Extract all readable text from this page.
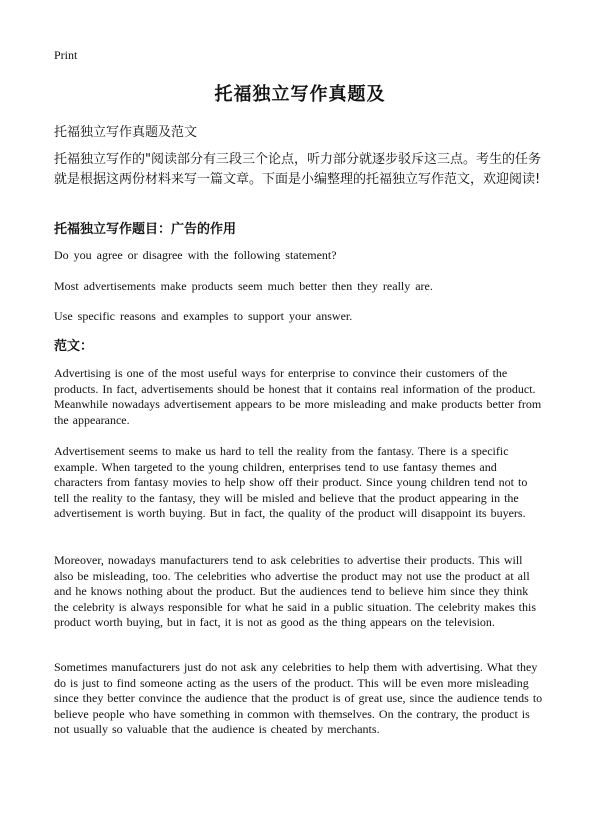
Print
托福独立写作真题及
托福独立写作真题及范文
托福独立写作的"阅读部分有三段三个论点，听力部分就逐步驳斥这三点。考生的任务就是根据这两份材料来写一篇文章。下面是小编整理的托福独立写作范文，欢迎阅读!
托福独立写作题目：广告的作用
Do you agree or disagree with the following statement?
Most advertisements make products seem much better then they really are.
Use specific reasons and examples to support your answer.
范文：
Advertising is one of the most useful ways for enterprise to convince their customers of the products. In fact, advertisements should be honest that it contains real information of the product. Meanwhile nowadays advertisement appears to be more misleading and make products better from the appearance.
Advertisement seems to make us hard to tell the reality from the fantasy. There is a specific example. When targeted to the young children, enterprises tend to use fantasy themes and characters from fantasy movies to help show off their product. Since young children tend not to tell the reality to the fantasy, they will be misled and believe that the product appearing in the advertisement is worth buying. But in fact, the quality of the product will disappoint its buyers.
Moreover, nowadays manufacturers tend to ask celebrities to advertise their products. This will also be misleading, too. The celebrities who advertise the product may not use the product at all and he knows nothing about the product. But the audiences tend to believe him since they think the celebrity is always responsible for what he said in a public situation. The celebrity makes this product worth buying, but in fact, it is not as good as the thing appears on the television.
Sometimes manufacturers just do not ask any celebrities to help them with advertising. What they do is just to find someone acting as the users of the product. This will be even more misleading since they better convince the audience that the product is of great use, since the audience tends to believe people who have something in common with themselves. On the contrary, the product is not usually so valuable that the audience is cheated by merchants.
